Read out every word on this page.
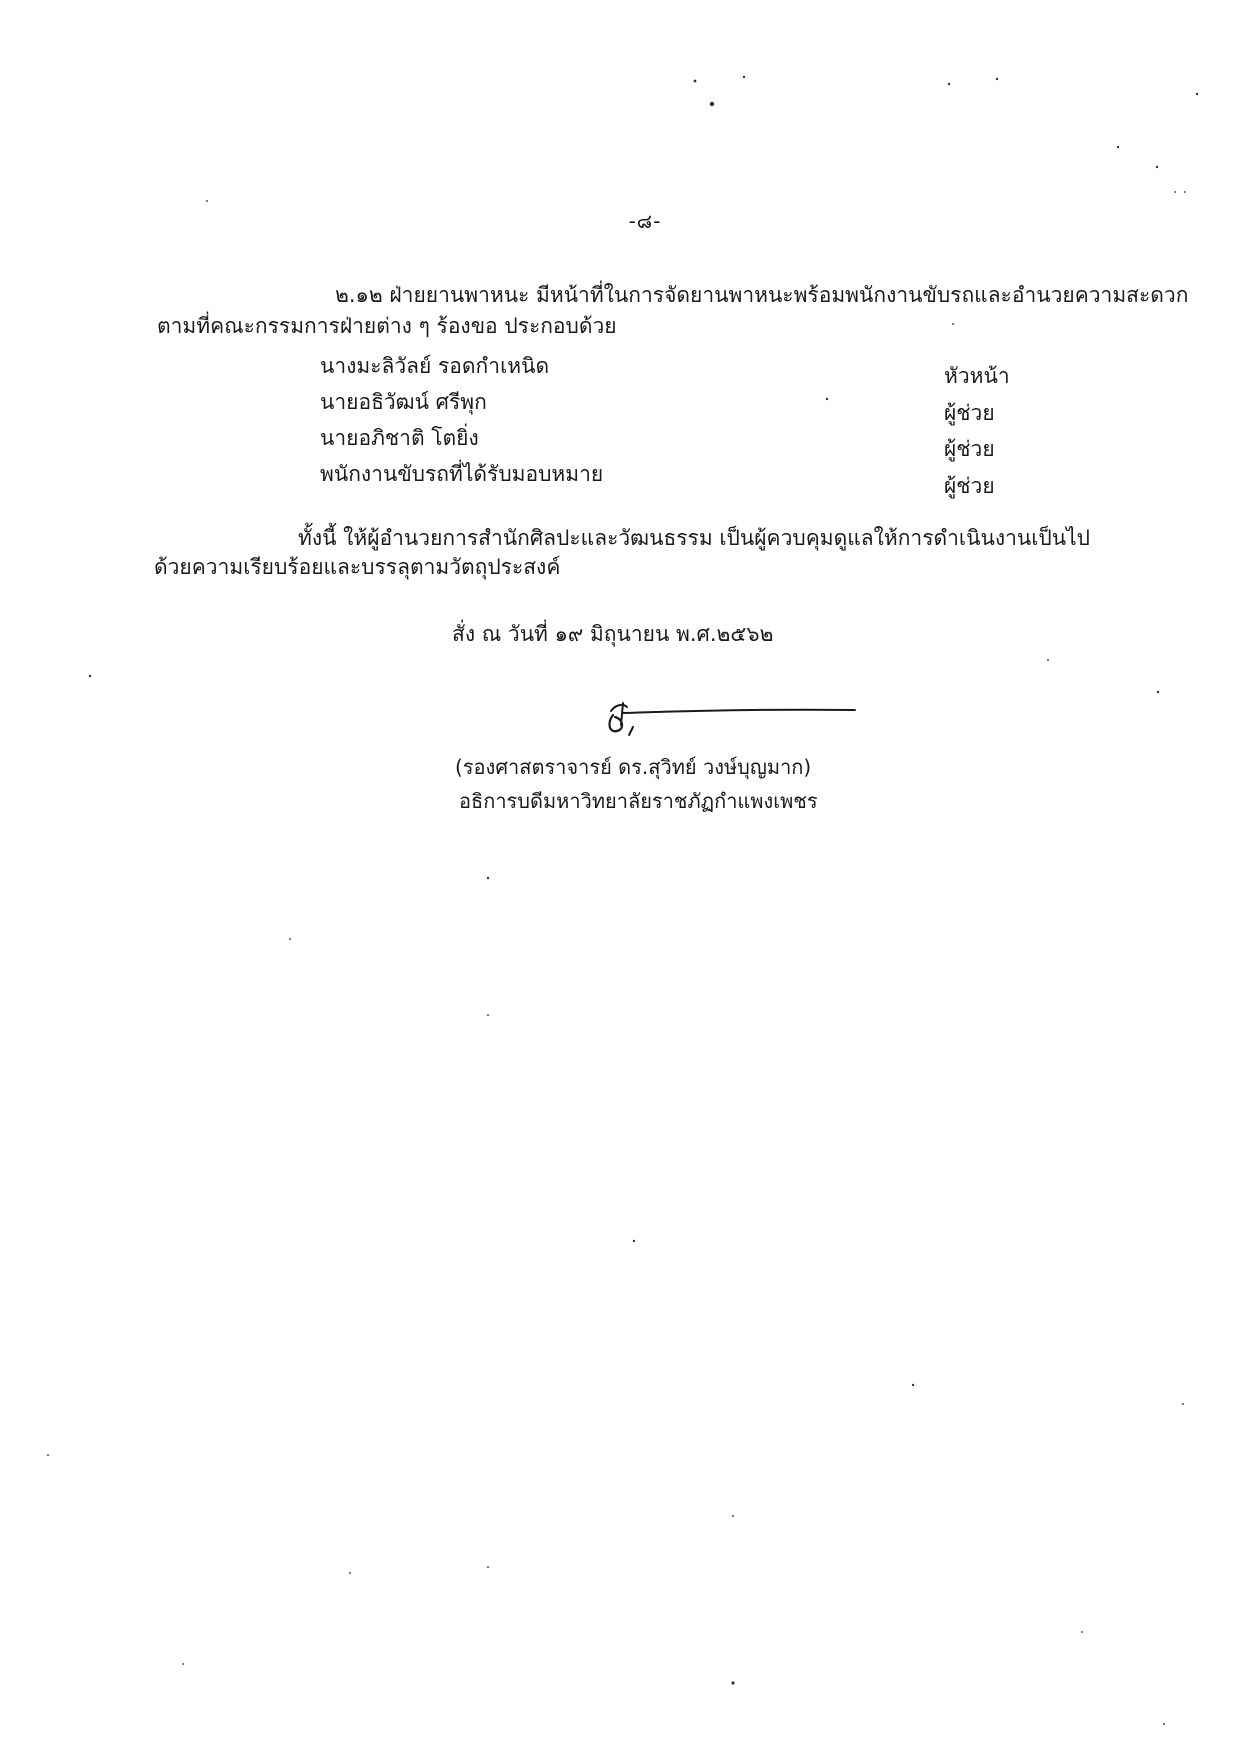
-๘-
๒.๑๒ ฝ่ายยานพาหนะ มีหน้าที่ในการจัดยานพาหนะพร้อมพนักงานขับรถและอำนวยความสะดวก
ตามที่คณะกรรมการฝ่ายต่าง ๆ ร้องขอ ประกอบด้วย
นางมะลิวัลย์ รอดกำเหนิด	หัวหน้า
นายอธิวัฒน์ ศรีพุก	ผู้ช่วย
นายอภิชาติ โตยิ่ง	ผู้ช่วย
พนักงานขับรถที่ได้รับมอบหมาย	ผู้ช่วย
ทั้งนี้ ให้ผู้อำนวยการสำนักศิลปะและวัฒนธรรม เป็นผู้ควบคุมดูแลให้การดำเนินงานเป็นไป
ด้วยความเรียบร้อยและบรรลุตามวัตถุประสงค์
สั่ง ณ วันที่ ๑๙ มิถุนายน พ.ศ.๒๕๖๒
(รองศาสตราจารย์ ดร.สุวิทย์ วงษ์บุญมาก)
อธิการบดีมหาวิทยาลัยราชภัฏกำแพงเพชร
